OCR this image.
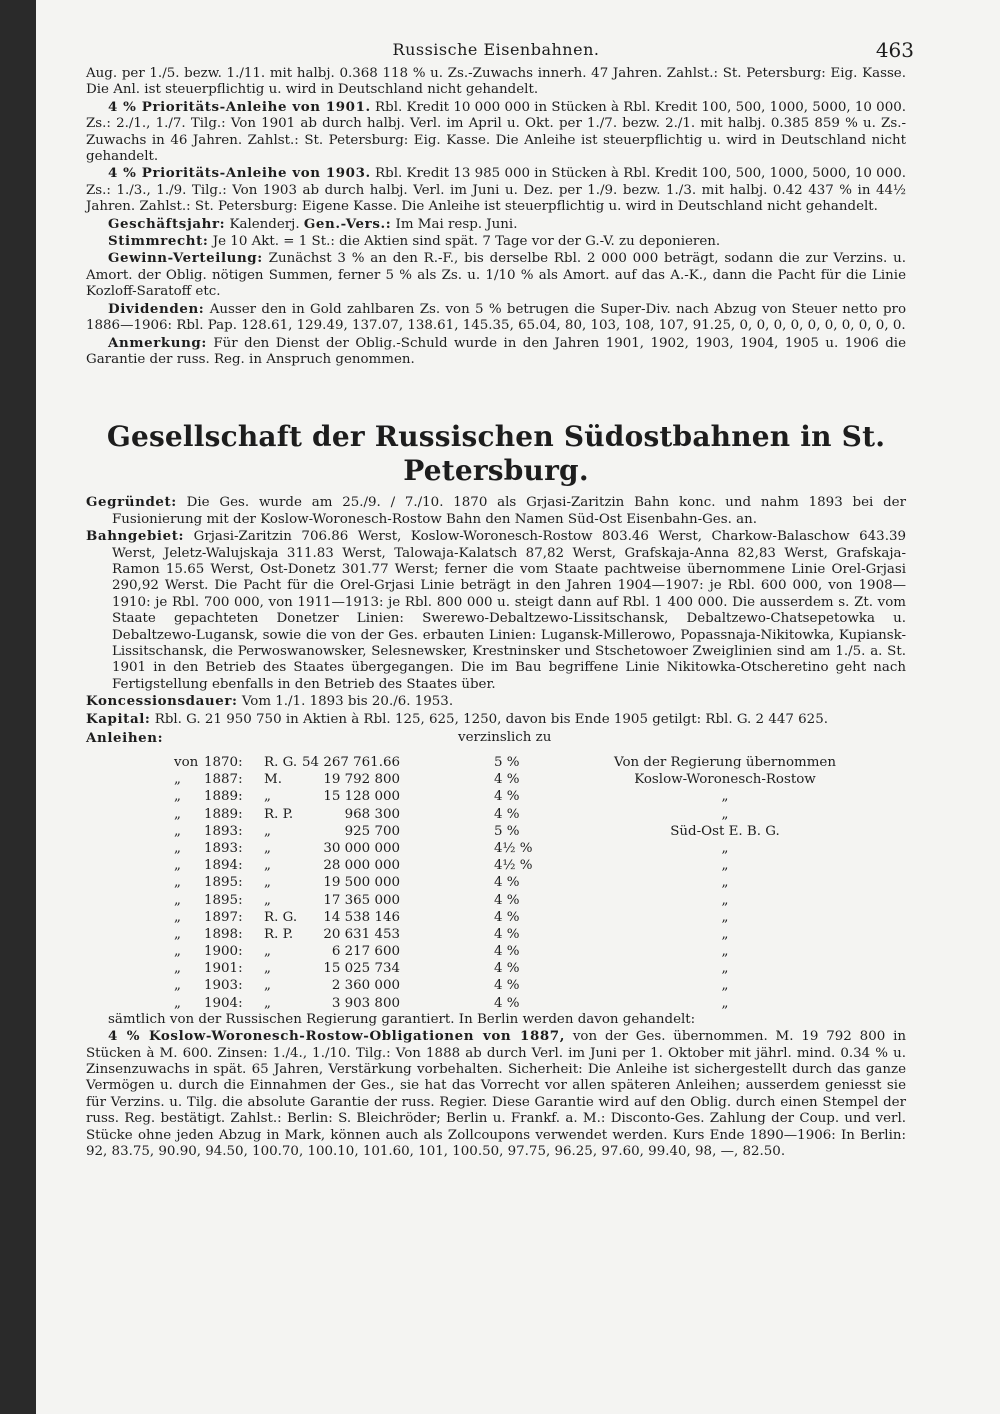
Russische Eisenbahnen.	463

Aug. per 1./5. bezw. 1./11. mit halbj. 0.368 118 % u. Zs.-Zuwachs innerh. 47 Jahren. Zahlst.: St. Petersburg: Eig. Kasse. Die Anl. ist steuerpflichtig u. wird in Deutschland nicht gehandelt.

4 % Prioritäts-Anleihe von 1901. Rbl. Kredit 10 000 000 in Stücken à Rbl. Kredit 100, 500, 1000, 5000, 10 000. Zs.: 2./1., 1./7. Tilg.: Von 1901 ab durch halbj. Verl. im April u. Okt. per 1./7. bezw. 2./1. mit halbj. 0.385 859 % u. Zs.-Zuwachs in 46 Jahren. Zahlst.: St. Petersburg: Eig. Kasse. Die Anleihe ist steuerpflichtig u. wird in Deutschland nicht gehandelt.

4 % Prioritäts-Anleihe von 1903. Rbl. Kredit 13 985 000 in Stücken à Rbl. Kredit 100, 500, 1000, 5000, 10 000. Zs.: 1./3., 1./9. Tilg.: Von 1903 ab durch halbj. Verl. im Juni u. Dez. per 1./9. bezw. 1./3. mit halbj. 0.42 437 % in 44½ Jahren. Zahlst.: St. Petersburg: Eigene Kasse. Die Anleihe ist steuerpflichtig u. wird in Deutschland nicht gehandelt.

Geschäftsjahr: Kalenderj. Gen.-Vers.: Im Mai resp. Juni.

Stimmrecht: Je 10 Akt. = 1 St.: die Aktien sind spät. 7 Tage vor der G.-V. zu deponieren.

Gewinn-Verteilung: Zunächst 3 % an den R.-F., bis derselbe Rbl. 2 000 000 beträgt, sodann die zur Verzins. u. Amort. der Oblig. nötigen Summen, ferner 5 % als Zs. u. 1/10 % als Amort. auf das A.-K., dann die Pacht für die Linie Kozloff-Saratoff etc.

Dividenden: Ausser den in Gold zahlbaren Zs. von 5 % betrugen die Super-Div. nach Abzug von Steuer netto pro 1886—1906: Rbl. Pap. 128.61, 129.49, 137.07, 138.61, 145.35, 65.04, 80, 103, 108, 107, 91.25, 0, 0, 0, 0, 0, 0, 0, 0, 0, 0.

Anmerkung: Für den Dienst der Oblig.-Schuld wurde in den Jahren 1901, 1902, 1903, 1904, 1905 u. 1906 die Garantie der russ. Reg. in Anspruch genommen.

Gesellschaft der Russischen Südostbahnen in St. Petersburg.

Gegründet: Die Ges. wurde am 25./9. / 7./10. 1870 als Grjasi-Zaritzin Bahn konc. und nahm 1893 bei der Fusionierung mit der Koslow-Woronesch-Rostow Bahn den Namen Süd-Ost Eisenbahn-Ges. an.

Bahngebiet: Grjasi-Zaritzin 706.86 Werst, Koslow-Woronesch-Rostow 803.46 Werst, Charkow-Balaschow 643.39 Werst, Jeletz-Walujskaja 311.83 Werst, Talowaja-Kalatsch 87,82 Werst, Grafskaja-Anna 82,83 Werst, Grafskaja-Ramon 15.65 Werst, Ost-Donetz 301.77 Werst; ferner die vom Staate pachtweise übernommene Linie Orel-Grjasi 290,92 Werst. Die Pacht für die Orel-Grjasi Linie beträgt in den Jahren 1904—1907: je Rbl. 600 000, von 1908—1910: je Rbl. 700 000, von 1911—1913: je Rbl. 800 000 u. steigt dann auf Rbl. 1 400 000. Die ausserdem s. Zt. vom Staate gepachteten Donetzer Linien: Swerewo-Debaltzewo-Lissitschansk, Debaltzewo-Chatsepetowka u. Debaltzewo-Lugansk, sowie die von der Ges. erbauten Linien: Lugansk-Millerowo, Popassnaja-Nikitowka, Kupiansk-Lissitschansk, die Perwoswanowsker, Selesnewsker, Krestninsker und Stschetowoer Zweiglinien sind am 1./5. a. St. 1901 in den Betrieb des Staates übergegangen. Die im Bau begriffene Linie Nikitowka-Otscheretino geht nach Fertigstellung ebenfalls in den Betrieb des Staates über.

Koncessionsdauer: Vom 1./1. 1893 bis 20./6. 1953.

Kapital: Rbl. G. 21 950 750 in Aktien à Rbl. 125, 625, 1250, davon bis Ende 1905 getilgt: Rbl. G. 2 447 625.

Anleihen:	verzinslich zu
von 1870: R. G. 54 267 761.66	5 %	Von der Regierung übernommen
„ 1887: M.	19 792 800	4 %	Koslow-Woronesch-Rostow
„ 1889: „	15 128 000	4 %	„
„ 1889: R. P.	968 300	4 %	„
„ 1893: „	925 700	5 %	Süd-Ost E. B. G.
„ 1893: „	30 000 000	4½ %	„
„ 1894: „	28 000 000	4½ %	„
„ 1895: „	19 500 000	4 %	„
„ 1895: „	17 365 000	4 %	„
„ 1897: R. G.	14 538 146	4 %	„
„ 1898: R. P.	20 631 453	4 %	„
„ 1900: „	6 217 600	4 %	„
„ 1901: „	15 025 734	4 %	„
„ 1903: „	2 360 000	4 %	„
„ 1904: „	3 903 800	4 %	„

sämtlich von der Russischen Regierung garantiert. In Berlin werden davon gehandelt:

4 % Koslow-Woronesch-Rostow-Obligationen von 1887, von der Ges. übernommen. M. 19 792 800 in Stücken à M. 600. Zinsen: 1./4., 1./10. Tilg.: Von 1888 ab durch Verl. im Juni per 1. Oktober mit jährl. mind. 0.34 % u. Zinsenzuwachs in spät. 65 Jahren, Verstärkung vorbehalten. Sicherheit: Die Anleihe ist sichergestellt durch das ganze Vermögen u. durch die Einnahmen der Ges., sie hat das Vorrecht vor allen späteren Anleihen; ausserdem geniesst sie für Verzins. u. Tilg. die absolute Garantie der russ. Regier. Diese Garantie wird auf den Oblig. durch einen Stempel der russ. Reg. bestätigt. Zahlst.: Berlin: S. Bleichröder; Berlin u. Frankf. a. M.: Disconto-Ges. Zahlung der Coup. und verl. Stücke ohne jeden Abzug in Mark, können auch als Zollcoupons verwendet werden. Kurs Ende 1890—1906: In Berlin: 92, 83.75, 90.90, 94.50, 100.70, 100.10, 101.60, 101, 100.50, 97.75, 96.25, 97.60, 99.40, 98, —, 82.50.
